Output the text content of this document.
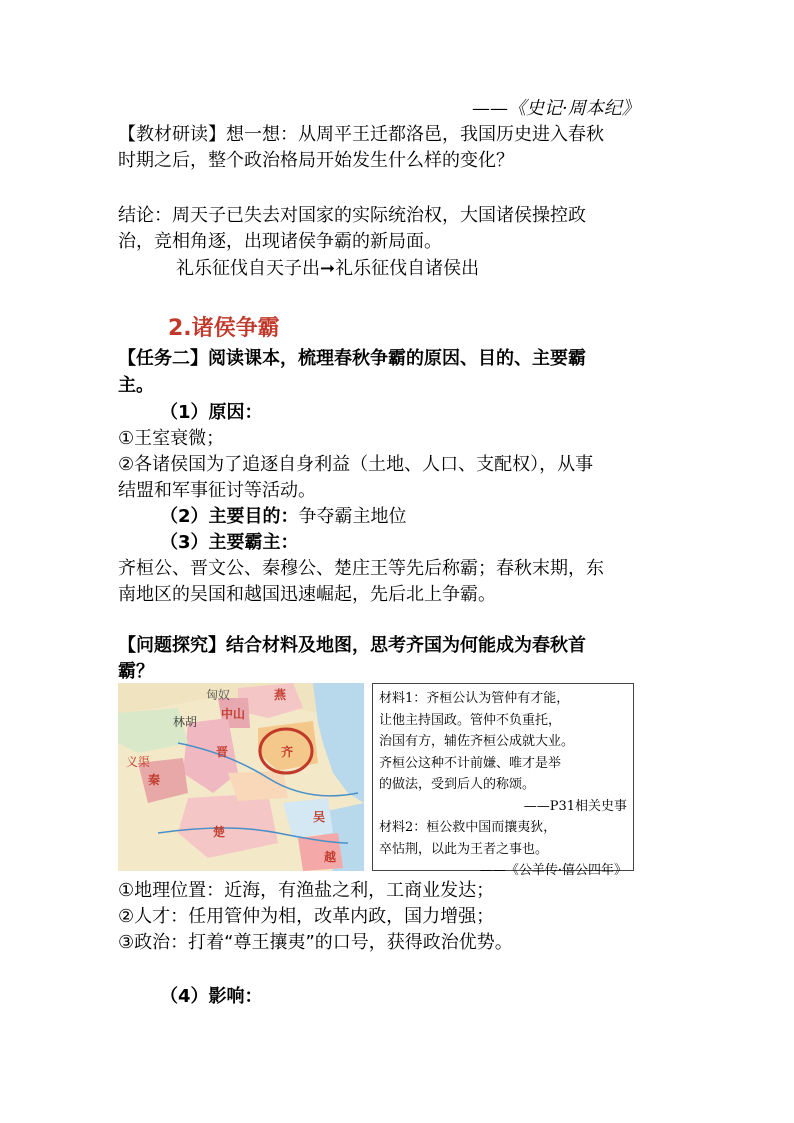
——《史记·周本纪》
【教材研读】想一想：从周平王迁都洛邑，我国历史进入春秋
时期之后，整个政治格局开始发生什么样的变化？
结论：周天子已失去对国家的实际统治权，大国诸侯操控政
治，竞相角逐，出现诸侯争霸的新局面。
礼乐征伐自天子出➞礼乐征伐自诸侯出
2.诸侯争霸
【任务二】阅读课本，梳理春秋争霸的原因、目的、主要霸
主。
（1）原因：
①王室衰微；
②各诸侯国为了追逐自身利益（土地、人口、支配权），从事
结盟和军事征讨等活动。
（2）主要目的：争夺霸主地位
（3）主要霸主：
齐桓公、晋文公、秦穆公、楚庄王等先后称霸；春秋末期，东
南地区的吴国和越国迅速崛起，先后北上争霸。
【问题探究】结合材料及地图，思考齐国为何能成为春秋首
霸？
匈奴	燕
林胡
中山
齐
晋
秦
义渠
楚
吴
越
材料1：齐桓公认为管仲有才能，
让他主持国政。管仲不负重托，
治国有方，辅佐齐桓公成就大业。
齐桓公这种不计前嫌、唯才是举
的做法，受到后人的称颂。
——P31相关史事
材料2：桓公救中国而攘夷狄，
卒怗荆，以此为王者之事也。
——《公羊传·僖公四年》
①地理位置：近海，有渔盐之利，工商业发达；
②人才：任用管仲为相，改革内政，国力增强；
③政治：打着“尊王攘夷”的口号，获得政治优势。
（4）影响：
